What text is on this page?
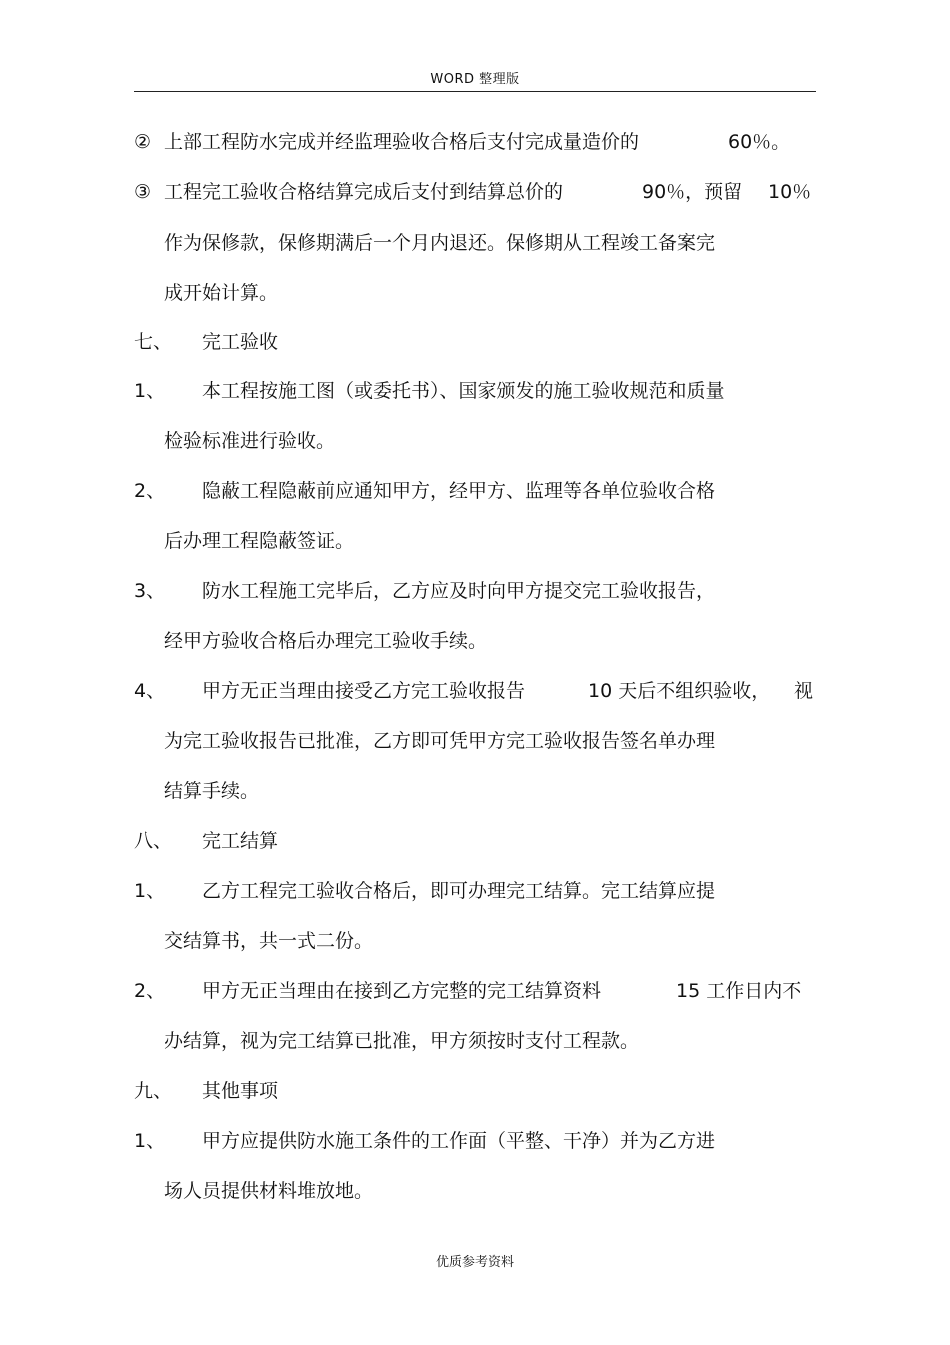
WORD 整理版
② 上部工程防水完成并经监理验收合格后支付完成量造价的	60％。
③ 工程完工验收合格结算完成后支付到结算总价的	90％，预留 10％
作为保修款，保修期满后一个月内退还。保修期从工程竣工备案完
成开始计算。
七、 完工验收
1、 本工程按施工图（或委托书）、国家颁发的施工验收规范和质量
检验标准进行验收。
2、 隐蔽工程隐蔽前应通知甲方，经甲方、监理等各单位验收合格
后办理工程隐蔽签证。
3、 防水工程施工完毕后，乙方应及时向甲方提交完工验收报告，
经甲方验收合格后办理完工验收手续。
4、 甲方无正当理由接受乙方完工验收报告	10 天后不组织验收， 视
为完工验收报告已批准，乙方即可凭甲方完工验收报告签名单办理
结算手续。
八、 完工结算
1、 乙方工程完工验收合格后，即可办理完工结算。完工结算应提
交结算书，共一式二份。
2、 甲方无正当理由在接到乙方完整的完工结算资料	15 工作日内不
办结算，视为完工结算已批准，甲方须按时支付工程款。
九、 其他事项
1、 甲方应提供防水施工条件的工作面（平整、干净）并为乙方进
场人员提供材料堆放地。
优质参考资料
